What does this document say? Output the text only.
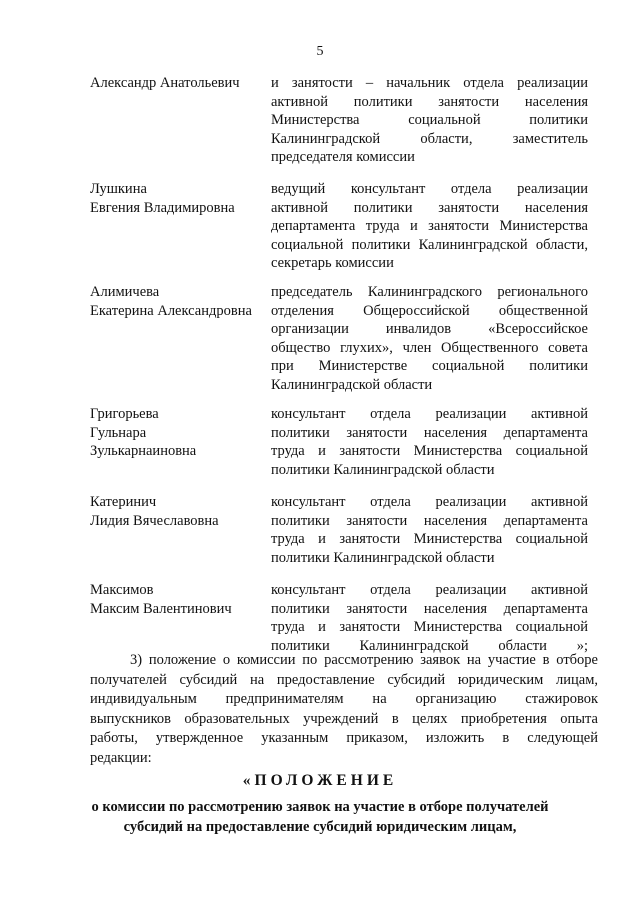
5
Александр Анатольевич	и занятости – начальник отдела реализации
активной политики занятости населения
Министерства социальной политики
Калининградской области, заместитель
председателя комиссии
Лушкина
Евгения Владимировна
ведущий консультант отдела реализации
активной политики занятости населения
департамента труда и занятости Министерства
социальной политики Калининградской области,
секретарь комиссии
Алимичева
Екатерина Александровна
председатель Калининградского регионального
отделения Общероссийской общественной
организации инвалидов «Всероссийское
общество глухих», член Общественного совета
при Министерстве социальной политики
Калининградской области
Григорьева
Гульнара
Зулькарнаиновна
консультант отдела реализации активной
политики занятости населения департамента
труда и занятости Министерства социальной
политики Калининградской области
Катеринич
Лидия Вячеславовна
консультант отдела реализации активной
политики занятости населения департамента
труда и занятости Министерства социальной
политики Калининградской области
Максимов
Максим Валентинович
консультант отдела реализации активной
политики занятости населения департамента
труда и занятости Министерства социальной
политики Калининградской области »;
3) положение о комиссии по рассмотрению заявок на участие в отборе
получателей субсидий на предоставление субсидий юридическим лицам,
индивидуальным предпринимателям на организацию стажировок
выпускников образовательных учреждений в целях приобретения опыта
работы, утвержденное указанным приказом, изложить в следующей
редакции:
«ПОЛОЖЕНИЕ
о комиссии по рассмотрению заявок на участие в отборе получателей
субсидий на предоставление субсидий юридическим лицам,
